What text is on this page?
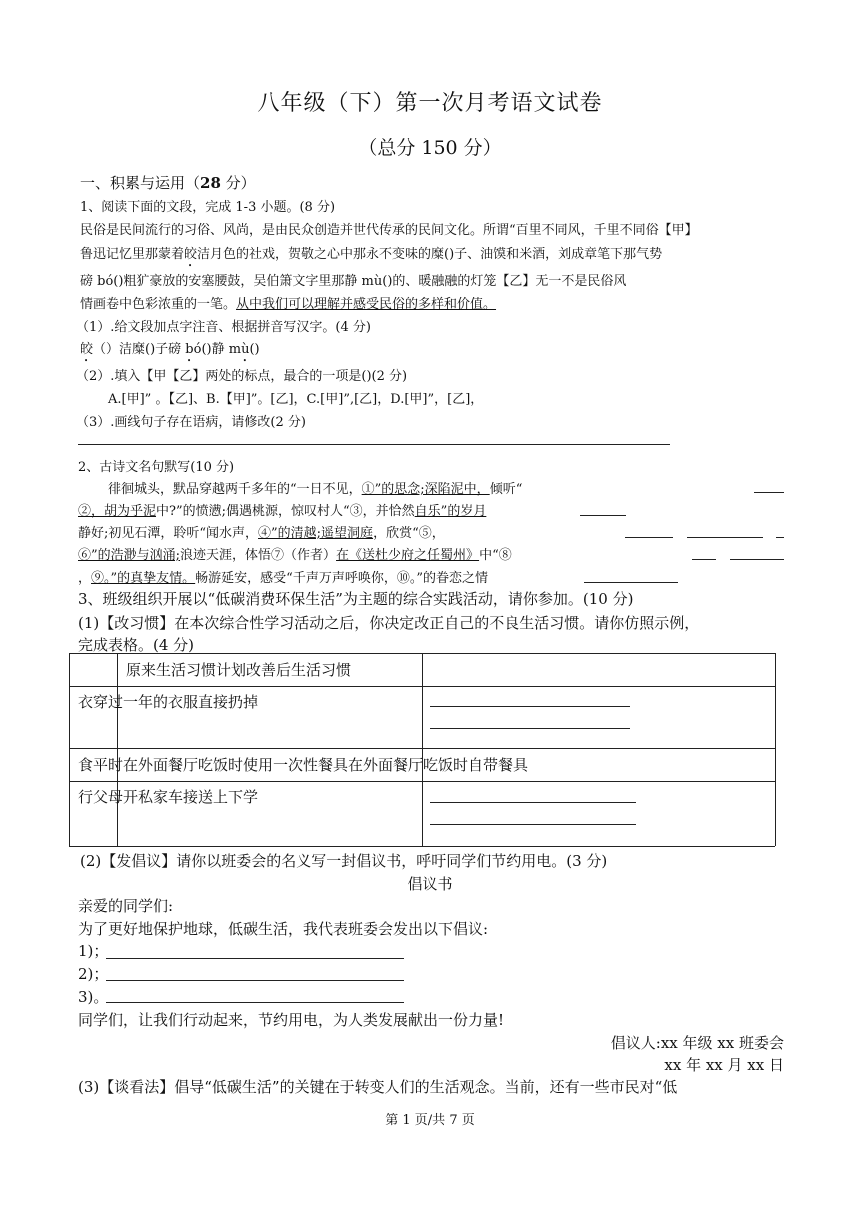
八年级（下）第一次月考语文试卷
（总分 150 分）
一、积累与运用（28 分）
1、阅读下面的文段，完成 1-3 小题。(8 分)
民俗是民间流行的习俗、风尚，是由民众创造并世代传承的民间文化。所谓“百里不同风，千里不同俗【甲】
鲁迅记忆里那蒙着皎洁月色的社戏，贺敬之心中那永不变味的糜()子、油馍和米酒，刘成章笔下那气势
磅 bó()粗犷豪放的安塞腰鼓，吴伯箫文字里那静 mù()的、暖融融的灯笼【乙】无一不是民俗风
情画卷中色彩浓重的一笔。从中我们可以理解并感受民俗的多样和价值。
（1）.给文段加点字注音、根据拼音写汉字。(4 分)
皎（）洁糜()子磅 bó()静 mù()
（2）.填入【甲【乙】两处的标点，最合的一项是()(2 分)
A.[甲]” 。【乙]、B.【甲]”。[乙]，C.[甲]”,[乙]，D.[甲]”，[乙]，
（3）.画线句子存在语病，请修改(2 分)
2、古诗文名句默写(10 分)
徘徊城头，默品穿越两千多年的“一日不见，①”的思念;深陷泥中，倾听“
②，胡为乎泥中?”的愤懑;偶遇桃源，惊叹村人“③，并恰然自乐”的岁月
静好;初见石潭，聆听“闻水声，④”的清越;遥望洞庭，欣赏“⑤，
⑥”的浩渺与汹涌;浪迹天涯，体悟⑦（作者）在《送杜少府之任蜀州》中“⑧
，⑨。”的真挚友情。畅游延安，感受“千声万声呼唤你，⑩。”的眷恋之情
3、班级组织开展以“低碳消费环保生活”为主题的综合实践活动，请你参加。(10 分)
(1)【改习惯】在本次综合性学习活动之后，你决定改正自己的不良生活习惯。请你仿照示例，
完成表格。(4 分)
原来生活习惯计划改善后生活习惯
衣穿过一年的衣服直接扔掉
食平时在外面餐厅吃饭时使用一次性餐具在外面餐厅吃饭时自带餐具
行父母开私家车接送上下学
(2)【发倡议】请你以班委会的名义写一封倡议书，呼吁同学们节约用电。(3 分)
倡议书
亲爱的同学们:
为了更好地保护地球，低碳生活，我代表班委会发出以下倡议:
1)；
2)；
3)。
同学们，让我们行动起来，节约用电，为人类发展献出一份力量!
倡议人:xx 年级 xx 班委会
xx 年 xx 月 xx 日
(3)【谈看法】倡导“低碳生活”的关键在于转变人们的生活观念。当前，还有一些市民对“低
第 1 页/共 7 页
